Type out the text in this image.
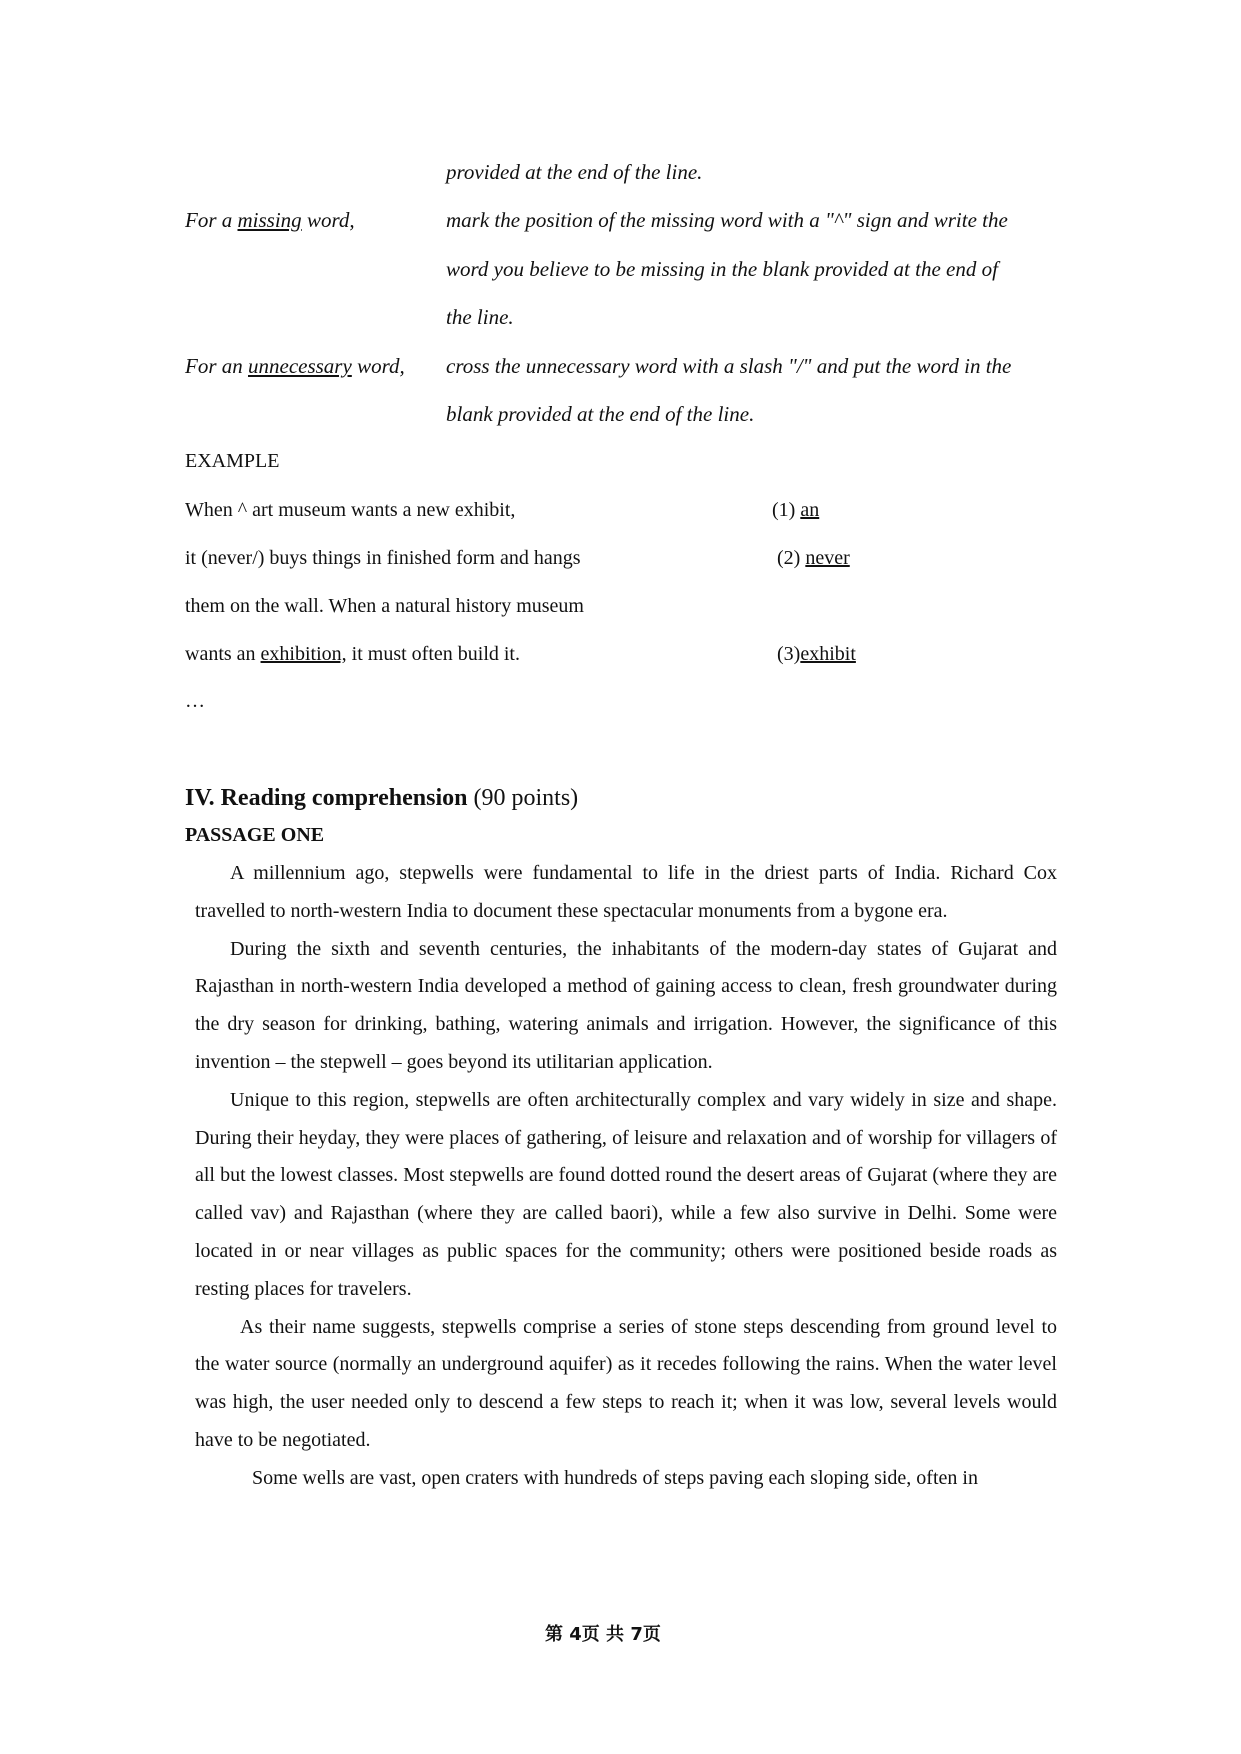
provided at the end of the line.
For a missing word,	mark the position of the missing word with a "^" sign and write the
word you believe to be missing in the blank provided at the end of
the line.
For an unnecessary word, cross the unnecessary word with a slash "/" and put the word in the
blank provided at the end of the line.
EXAMPLE
When ^ art museum wants a new exhibit,	(1) an
it (never/) buys things in finished form and hangs	(2) never
them on the wall. When a natural history museum
wants an exhibition, it must often build it.	(3)exhibit
…
IV. Reading comprehension (90 points)
PASSAGE ONE

A millennium ago, stepwells were fundamental to life in the driest parts of India. Richard Cox travelled to north-western India to document these spectacular monuments from a bygone era.

During the sixth and seventh centuries, the inhabitants of the modern-day states of Gujarat and Rajasthan in north-western India developed a method of gaining access to clean, fresh groundwater during the dry season for drinking, bathing, watering animals and irrigation. However, the significance of this invention – the stepwell – goes beyond its utilitarian application.

Unique to this region, stepwells are often architecturally complex and vary widely in size and shape. During their heyday, they were places of gathering, of leisure and relaxation and of worship for villagers of all but the lowest classes. Most stepwells are found dotted round the desert areas of Gujarat (where they are called vav) and Rajasthan (where they are called baori), while a few also survive in Delhi. Some were located in or near villages as public spaces for the community; others were positioned beside roads as resting places for travelers.

As their name suggests, stepwells comprise a series of stone steps descending from ground level to the water source (normally an underground aquifer) as it recedes following the rains. When the water level was high, the user needed only to descend a few steps to reach it; when it was low, several levels would have to be negotiated.

Some wells are vast, open craters with hundreds of steps paving each sloping side, often in

第 4页 共 7页
